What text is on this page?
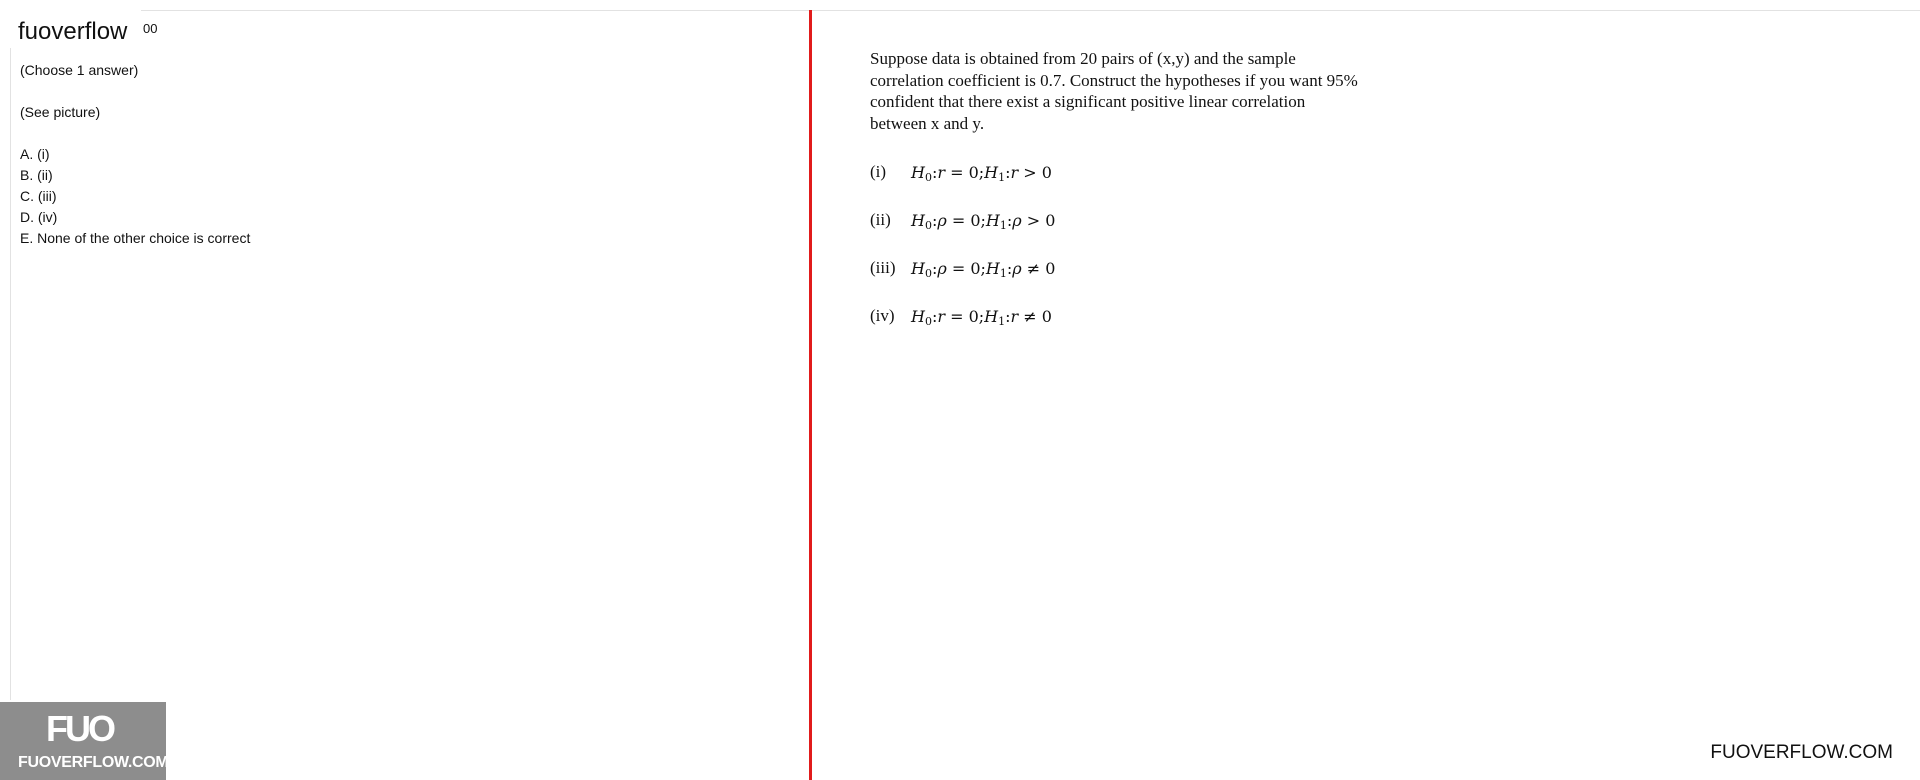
fuoverflow 00
(Choose 1 answer)
(See picture)
A. (i)
B. (ii)
C. (iii)
D. (iv)
E. None of the other choice is correct
Suppose data is obtained from 20 pairs of (x,y) and the sample correlation coefficient is 0.7. Construct the hypotheses if you want 95% confident that there exist a significant positive linear correlation between x and y.
(i) $H_0:r$ = $0;H_1:r > 0$
(ii) $H_0:\rho$ = $0;H_1:\rho > 0$
(iii) $H_0:\rho$ = $0;H_1:\rho \ne 0$
(iv) $H_0:r$ = $0;H_1:r \ne 0$
FUO
FUOVERFLOW.COM	FUOVERFLOW.COM
